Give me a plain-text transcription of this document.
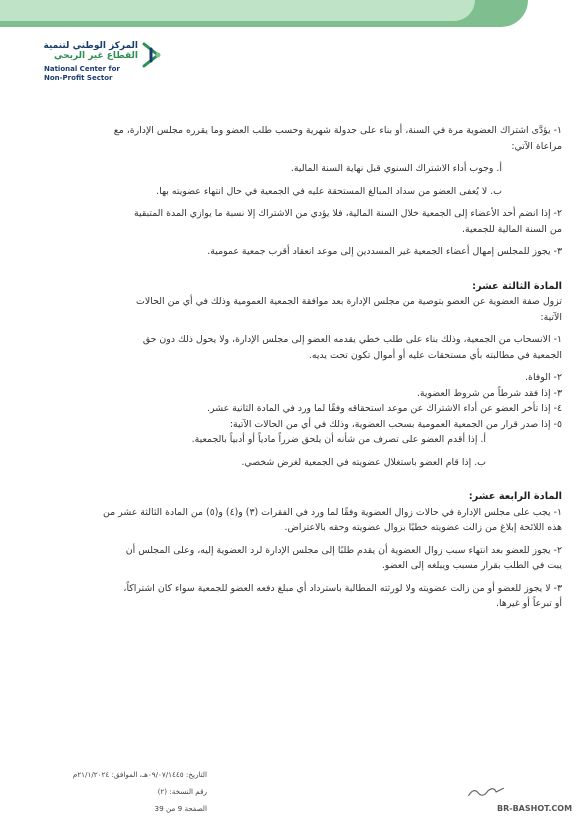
المركز الوطني لتنمية
القطاع غير الربحي
National Center for
Non-Profit Sector

١- يؤدَّى اشتراك العضوية مرة في السنة، أو بناء على جدولة شهرية وحسب طلب العضو وما يقرره مجلس الإدارة، مع

مراعاة الآتي:

أ. وجوب أداء الاشتراك السنوي قبل نهاية السنة المالية.

ب. لا يُعفى العضو من سداد المبالغ المستحقة عليه في الجمعية في حال انتهاء عضويته بها.

٢- إذا انضم أحد الأعضاء إلى الجمعية خلال السنة المالية، فلا يؤدي من الاشتراك إلا نسبة ما يوازي المدة المتبقية

من السنة المالية للجمعية.

٣- يجوز للمجلس إمهال أعضاء الجمعية غير المسددين إلى موعد انعقاد أقرب جمعية عمومية.

المادة الثالثة عشر:

تزول صفة العضوية عن العضو بتوصية من مجلس الإدارة بعد موافقة الجمعية العمومية وذلك في أي من الحالات

الآتية:

١- الانسحاب من الجمعية، وذلك بناء على طلب خطي يقدمه العضو إلى مجلس الإدارة، ولا يحول ذلك دون حق

الجمعية في مطالبته بأي مستحقات عليه أو أموال تكون تحت يديه.

٢- الوفاة.

٣- إذا فقد شرطاً من شروط العضوية.

٤- إذا تأخر العضو عن أداء الاشتراك عن موعد استحقاقه وفقًا لما ورد في المادة الثانية عشر.

٥- إذا صدر قرار من الجمعية العمومية بسحب العضوية، وذلك في أي من الحالات الآتية:

أ. إذا أقدم العضو على تصرف من شأنه أن يلحق ضرراً مادياً أو أدبياً بالجمعية.

ب. إذا قام العضو باستغلال عضويته في الجمعية لغرض شخصي.

المادة الرابعة عشر:

١- يجب على مجلس الإدارة في حالات زوال العضوية وفقًا لما ورد في الفقرات (٣) و(٤) و(٥) من المادة الثالثة عشر من

هذه اللائحة إبلاغ من زالت عضويته خطيًا بزوال عضويته وحقه بالاعتراض.

٢- يجوز للعضو بعد انتهاء سبب زوال العضوية أن يقدم طلبًا إلى مجلس الإدارة لرد العضوية إليه، وعلى المجلس أن

يبت في الطلب بقرار مسبب ويبلغه إلى العضو.

٣- لا يجوز للعضو أو من زالت عضويته ولا لورثته المطالبة باسترداد أي مبلغ دفعه العضو للجمعية سواء كان اشتراكاً،

أو تبرعاً أو غيرها.

التاريخ: ٠٩/٠٧/١٤٤٥هـ، الموافق: ٢١/١/٢٠٢٤م
رقم النسخة: (٢)
الصفحة 9 من 39	BR-BASHOT.COM
